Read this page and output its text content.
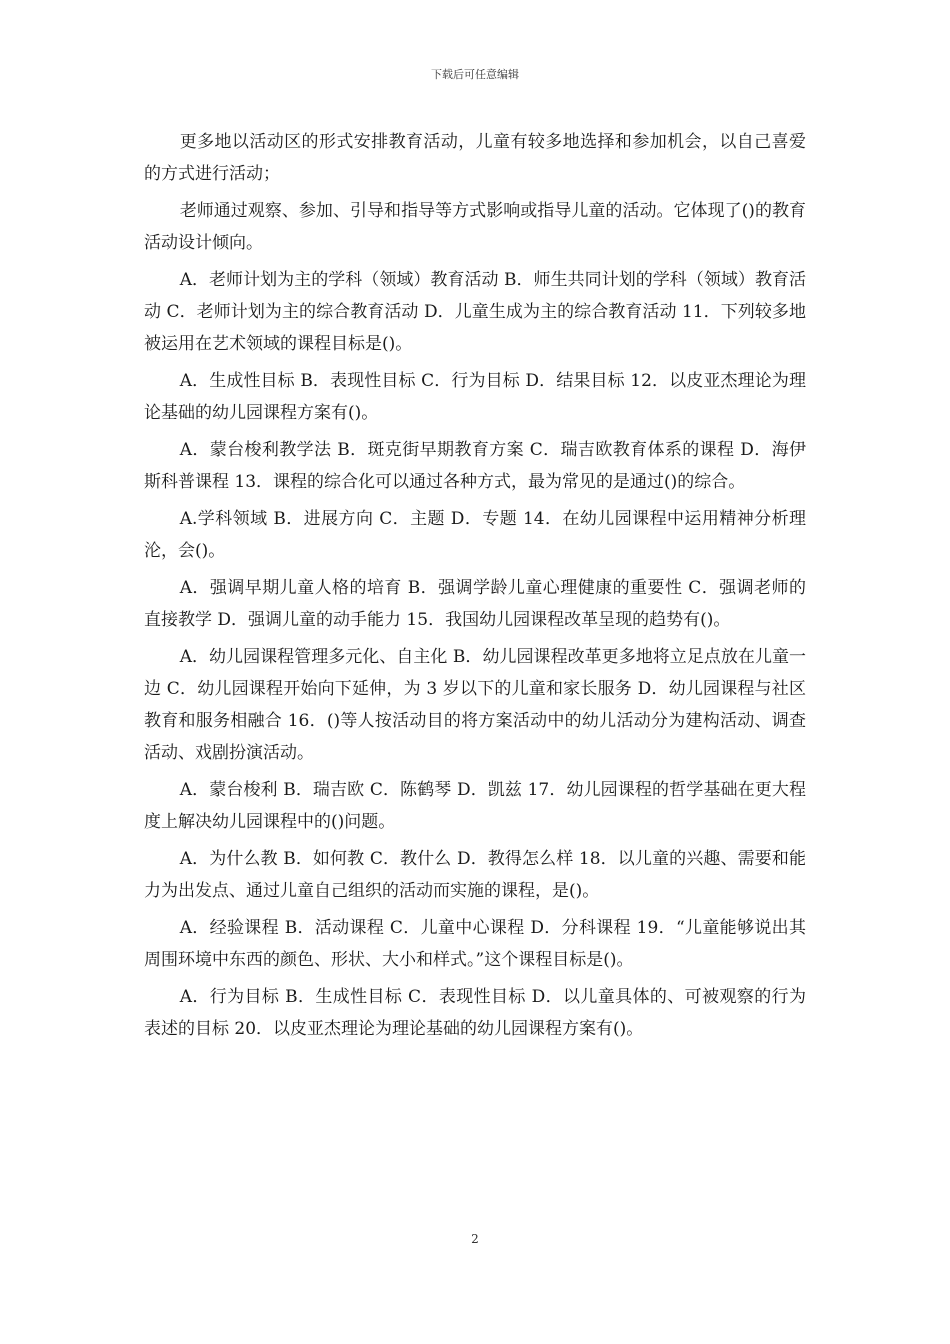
下载后可任意编辑

更多地以活动区的形式安排教育活动，儿童有较多地选择和参加机会，以自己喜爱的方式进行活动；

老师通过观察、参加、引导和指导等方式影响或指导儿童的活动。它体现了()的教育活动设计倾向。

A．老师计划为主的学科（领域）教育活动 B．师生共同计划的学科（领域）教育活动 C．老师计划为主的综合教育活动 D．儿童生成为主的综合教育活动 11．下列较多地被运用在艺术领域的课程目标是()。

A．生成性目标 B．表现性目标 C．行为目标 D．结果目标 12．以皮亚杰理论为理论基础的幼儿园课程方案有()。

A．蒙台梭利教学法 B．斑克街早期教育方案 C．瑞吉欧教育体系的课程 D．海伊斯科普课程 13．课程的综合化可以通过各种方式，最为常见的是通过()的综合。

A.学科领域 B．进展方向 C．主题 D．专题 14．在幼儿园课程中运用精神分析理沦，会()。

A．强调早期儿童人格的培育 B．强调学龄儿童心理健康的重要性 C．强调老师的直接教学 D．强调儿童的动手能力 15．我国幼儿园课程改革呈现的趋势有()。

A．幼儿园课程管理多元化、自主化 B．幼儿园课程改革更多地将立足点放在儿童一边 C．幼儿园课程开始向下延伸，为 3 岁以下的儿童和家长服务 D．幼儿园课程与社区教育和服务相融合 16．()等人按活动目的将方案活动中的幼儿活动分为建构活动、调查活动、戏剧扮演活动。

A．蒙台梭利 B．瑞吉欧 C．陈鹤琴 D．凯兹 17．幼儿园课程的哲学基础在更大程度上解决幼儿园课程中的()问题。

A．为什么教 B．如何教 C．教什么 D．教得怎么样 18．以儿童的兴趣、需要和能力为出发点、通过儿童自己组织的活动而实施的课程，是()。

A．经验课程 B．活动课程 C．儿童中心课程 D．分科课程 19．“儿童能够说出其周围环境中东西的颜色、形状、大小和样式。”这个课程目标是()。

A．行为目标 B．生成性目标 C．表现性目标 D．以儿童具体的、可被观察的行为表述的目标 20．以皮亚杰理论为理论基础的幼儿园课程方案有()。

2
